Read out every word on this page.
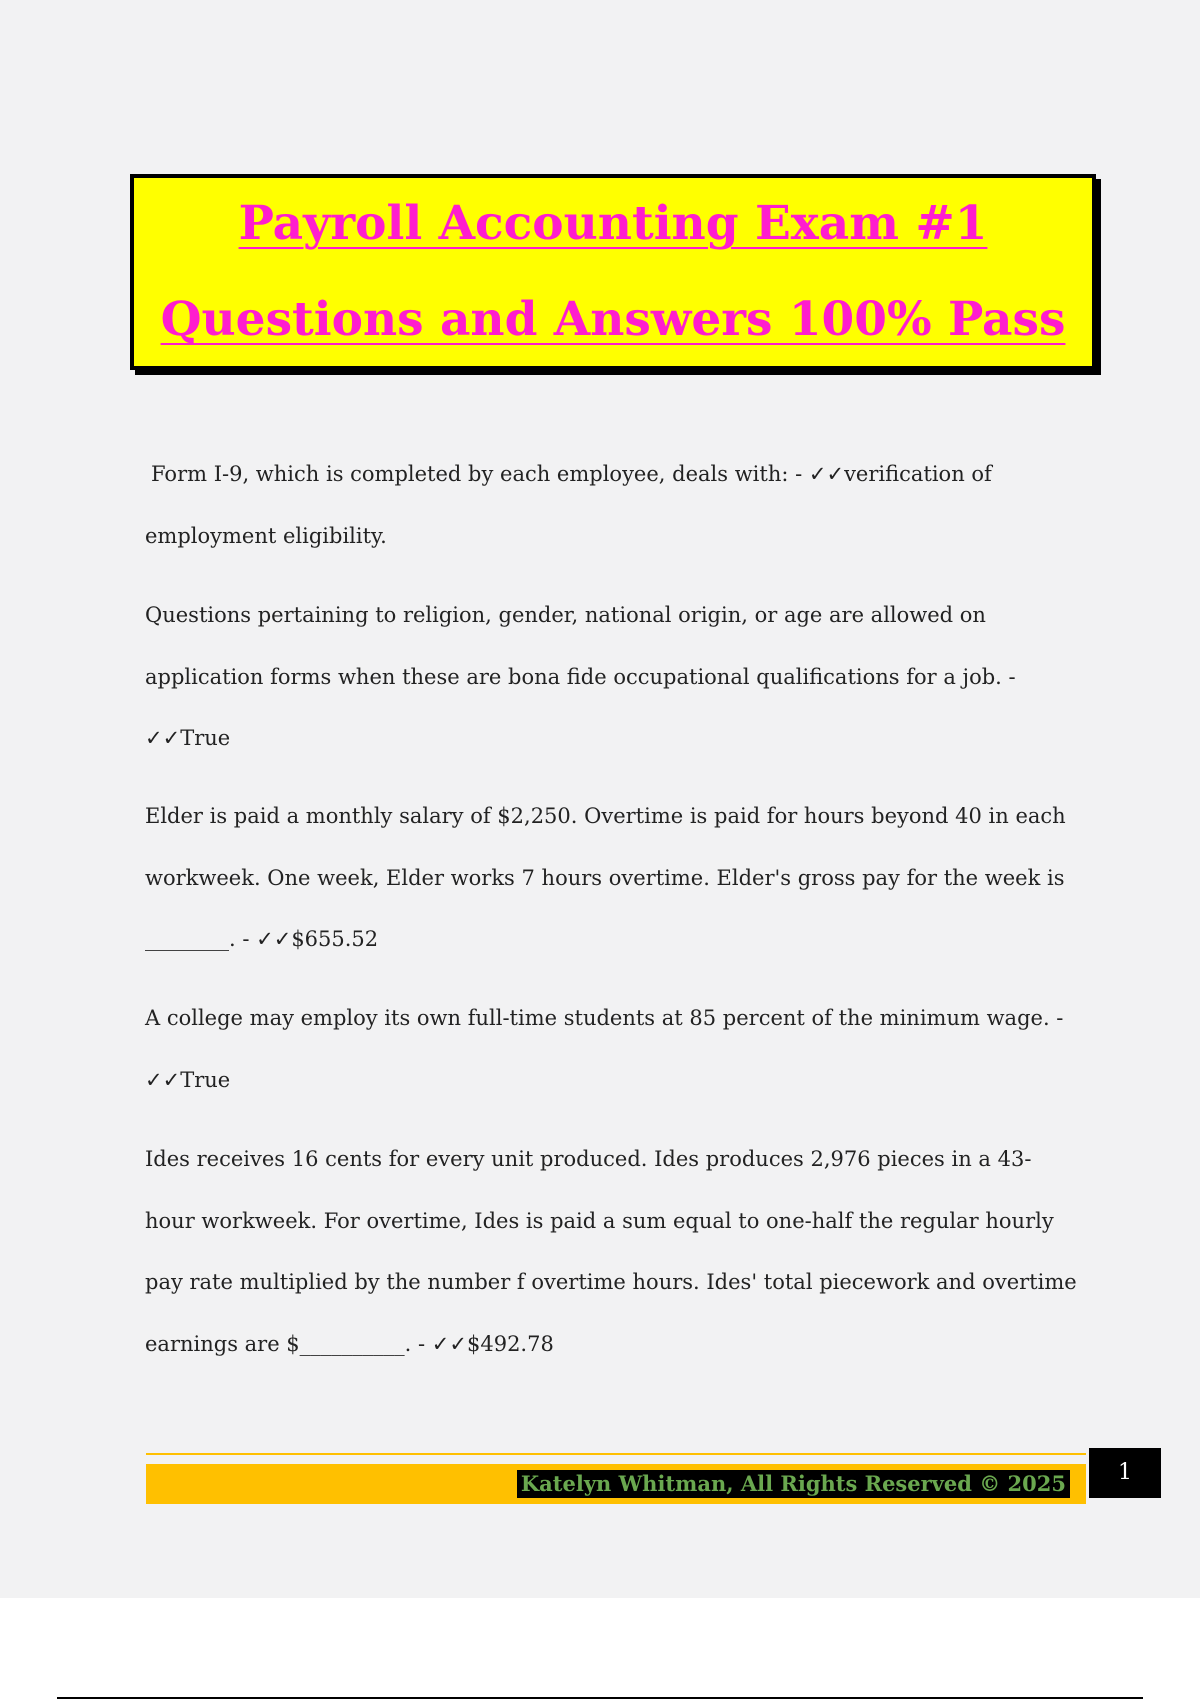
Payroll Accounting Exam #1 Questions and Answers 100% Pass

Form I-9, which is completed by each employee, deals with: - ✓✓verification of employment eligibility.

Questions pertaining to religion, gender, national origin, or age are allowed on application forms when these are bona fide occupational qualifications for a job. - ✓✓True

Elder is paid a monthly salary of $2,250. Overtime is paid for hours beyond 40 in each workweek. One week, Elder works 7 hours overtime. Elder's gross pay for the week is ________. - ✓✓$655.52

A college may employ its own full-time students at 85 percent of the minimum wage. - ✓✓True

Ides receives 16 cents for every unit produced. Ides produces 2,976 pieces in a 43-hour workweek. For overtime, Ides is paid a sum equal to one-half the regular hourly pay rate multiplied by the number f overtime hours. Ides' total piecework and overtime earnings are $__________. - ✓✓$492.78

Katelyn Whitman, All Rights Reserved © 2025	1
